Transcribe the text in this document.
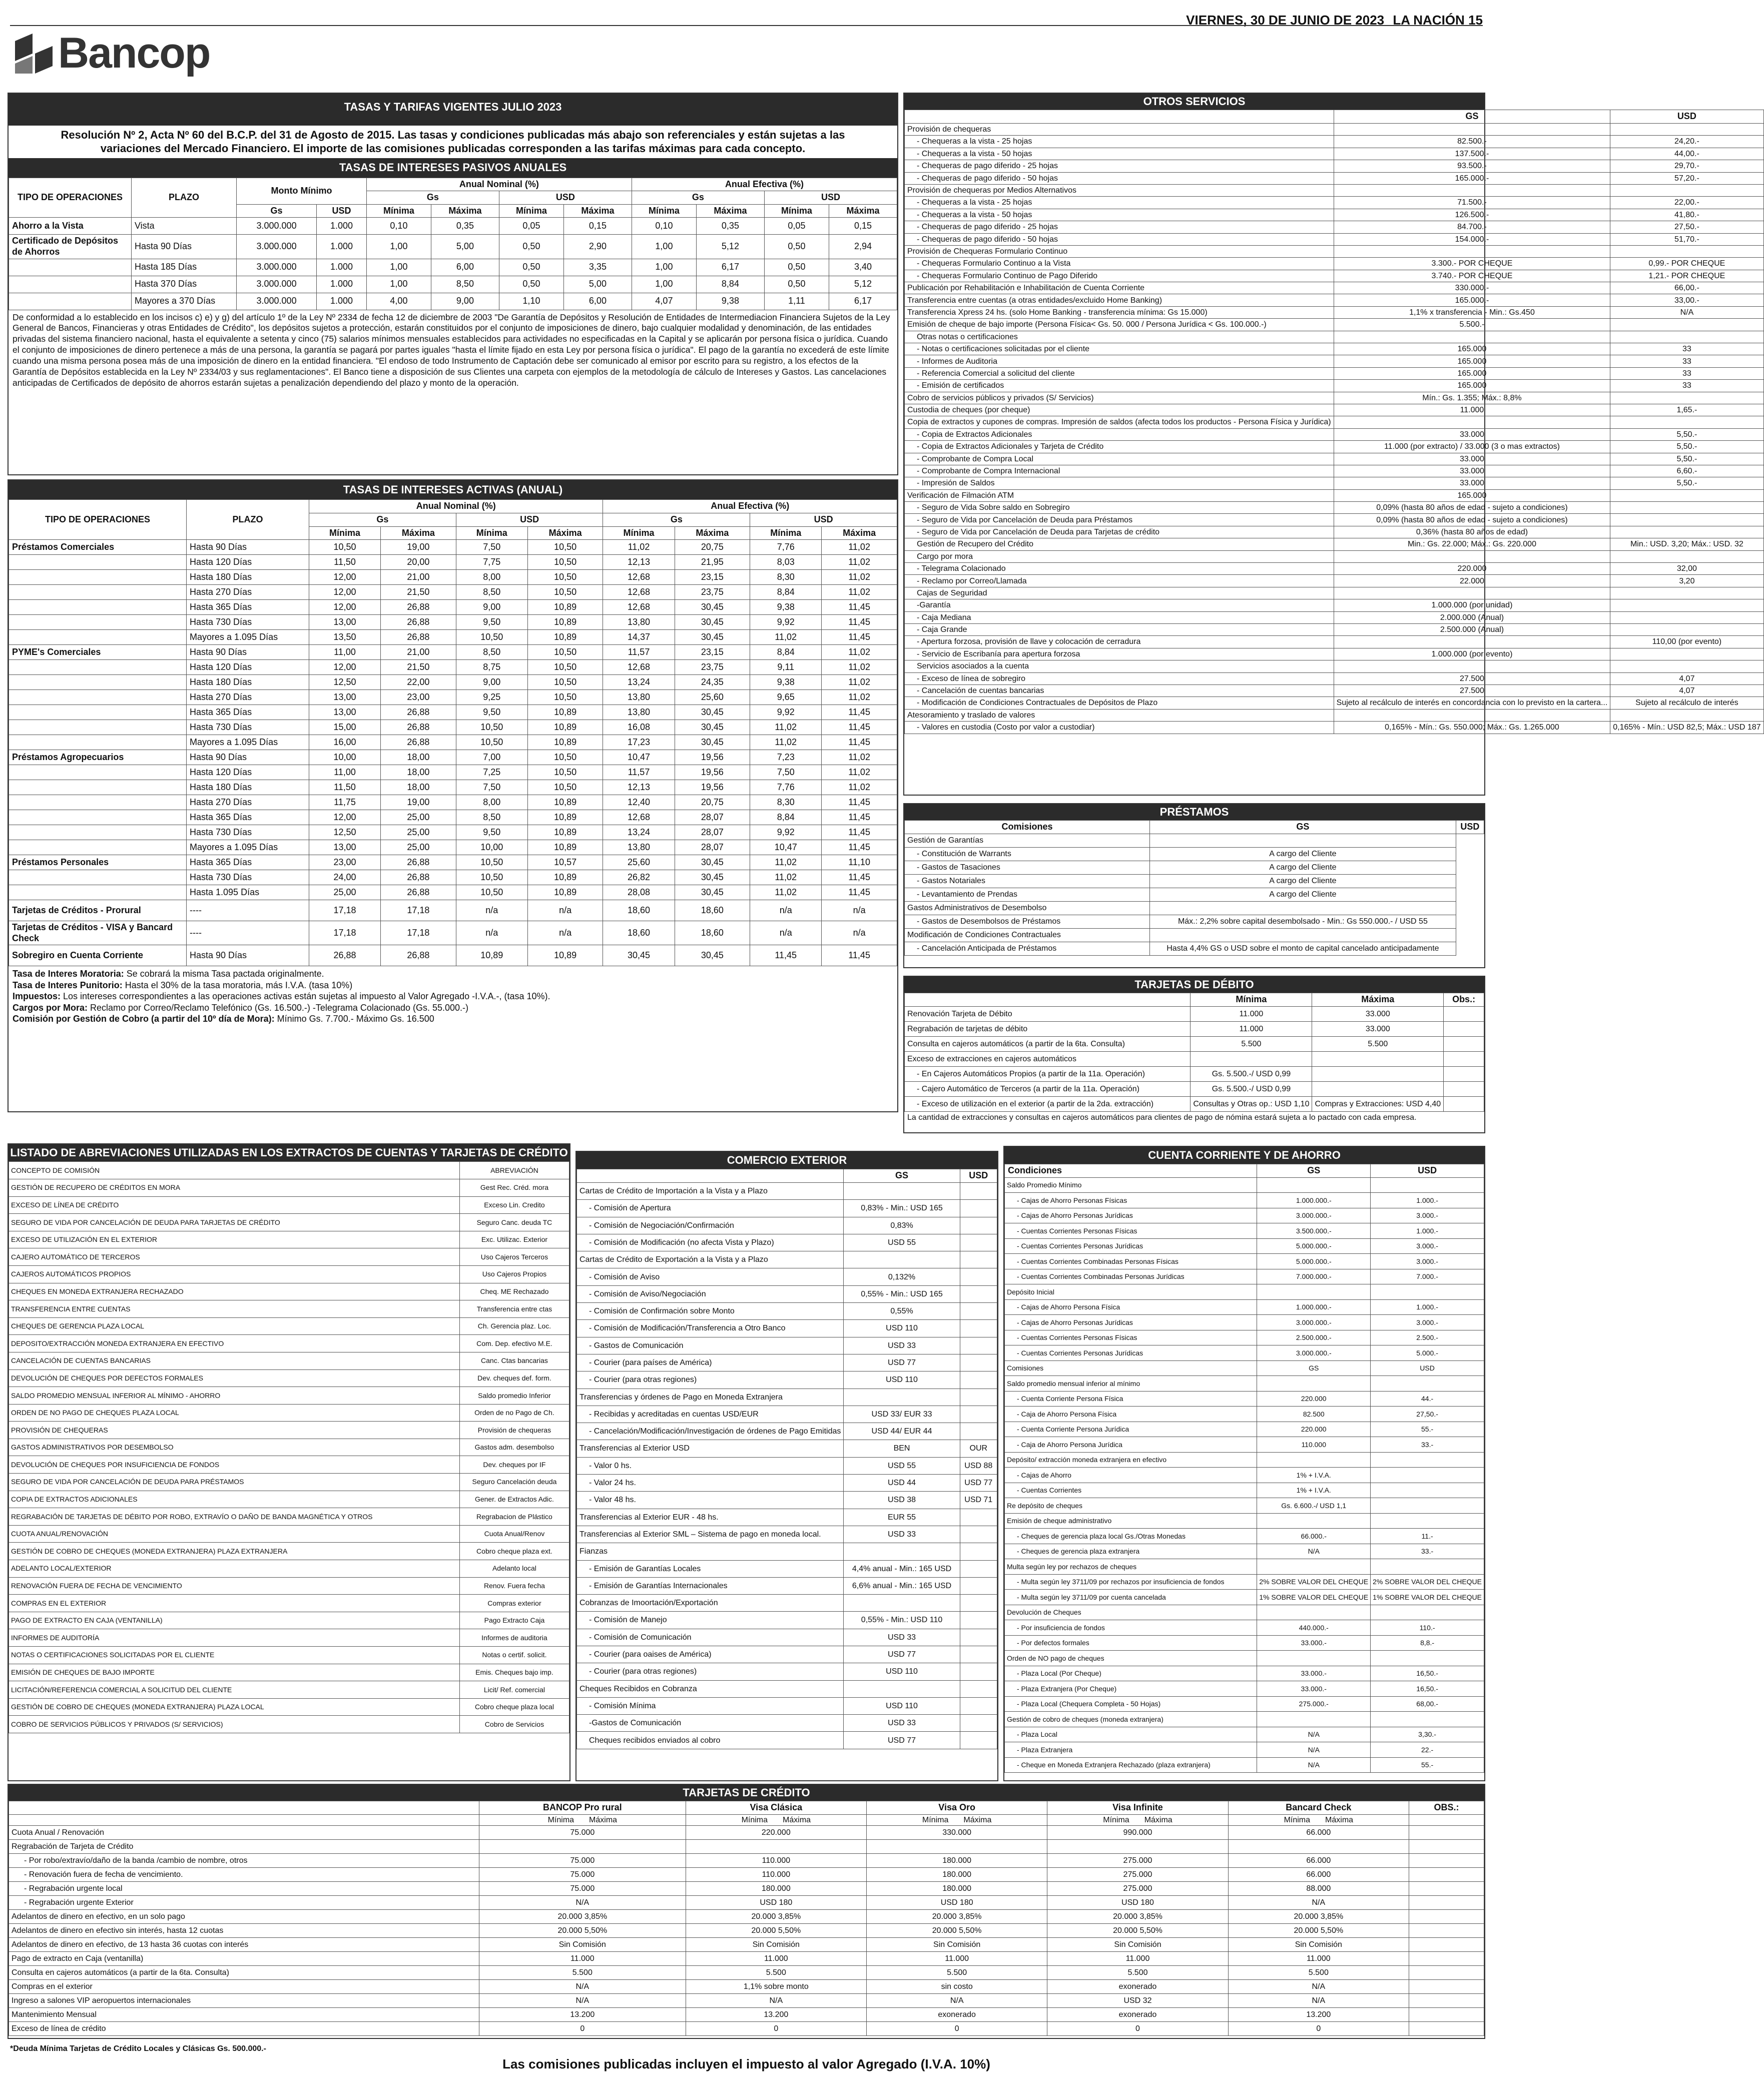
Bancop
VIERNES, 30 DE JUNIO DE 2023 LA NACIÓN 15
TASAS Y TARIFAS VIGENTES JULIO 2023
Resolución Nº 2, Acta Nº 60 del B.C.P. del 31 de Agosto de 2015. Las tasas y condiciones publicadas más abajo son referenciales y están sujetas a las variaciones del Mercado Financiero. El importe de las comisiones publicadas corresponden a las tarifas máximas para cada concepto.
TASAS DE INTERESES PASIVOS ANUALES
TIPO DE OPERACIONES	PLAZO	Monto Mínimo		Anual Nominal (%)				Anual Efectiva (%)			
				Gs		USD		Gs		USD	
		Gs	USD	Mínima	Máxima	Mínima	Máxima	Mínima	Máxima	Mínima	Máxima
Ahorro a la Vista	Vista	3.000.000	1.000	0,10	0,35	0,05	0,15	0,10	0,35	0,05	0,15
Certificado de Depósitos de Ahorros	Hasta 90 Días	3.000.000	1.000	1,00	5,00	0,50	2,90	1,00	5,12	0,50	2,94
	Hasta 185 Días	3.000.000	1.000	1,00	6,00	0,50	3,35	1,00	6,17	0,50	3,40
	Hasta 370 Días	3.000.000	1.000	1,00	8,50	0,50	5,00	1,00	8,84	0,50	5,12
	Mayores a 370 Días	3.000.000	1.000	4,00	9,00	1,10	6,00	4,07	9,38	1,11	6,17
De conformidad a lo establecido en los incisos c) e) y g) del artículo 1º de la Ley Nº 2334 de fecha 12 de diciembre de 2003 "De Garantía de Depósitos y Resolución de Entidades de Intermediacion Financiera Sujetos de la Ley General de Bancos, Financieras y otras Entidades de Crédito", los depósitos sujetos a protección, estarán constituidos por el conjunto de imposiciones de dinero, bajo cualquier modalidad y denominación, de las entidades privadas del sistema financiero nacional, hasta el equivalente a setenta y cinco (75) salarios mínimos mensuales establecidos para actividades no especificadas en la Capital y se aplicarán por persona física o jurídica. Cuando el conjunto de imposiciones de dinero pertenece a más de una persona, la garantía se pagará por partes iguales "hasta el límite fijado en esta Ley por persona física o jurídica". El pago de la garantía no excederá de este límite cuando una misma persona posea más de una imposición de dinero en la entidad financiera. "El endoso de todo Instrumento de Captación debe ser comunicado al emisor por escrito para su registro, a los efectos de la Garantía de Depósitos establecida en la Ley Nº 2334/03 y sus reglamentaciones". El Banco tiene a disposición de sus Clientes una carpeta con ejemplos de la metodología de cálculo de Intereses y Gastos. Las cancelaciones anticipadas de Certificados de depósito de ahorros estarán sujetas a penalización dependiendo del plazo y monto de la operación.
TASAS DE INTERESES ACTIVAS (ANUAL)
TIPO DE OPERACIONES	PLAZO	Anual Nominal (%)				Anual Efectiva (%)			
		Gs		USD		Gs		USD	
		Mínima	Máxima	Mínima	Máxima	Mínima	Máxima	Mínima	Máxima
Préstamos Comerciales	Hasta 90 Días	10,50	19,00	7,50	10,50	11,02	20,75	7,76	11,02
	Hasta 120 Días	11,50	20,00	7,75	10,50	12,13	21,95	8,03	11,02
	Hasta 180 Días	12,00	21,00	8,00	10,50	12,68	23,15	8,30	11,02
	Hasta 270 Días	12,00	21,50	8,50	10,50	12,68	23,75	8,84	11,02
	Hasta 365 Días	12,00	26,88	9,00	10,89	12,68	30,45	9,38	11,45
	Hasta 730 Días	13,00	26,88	9,50	10,89	13,80	30,45	9,92	11,45
	Mayores a 1.095 Días	13,50	26,88	10,50	10,89	14,37	30,45	11,02	11,45
PYME's Comerciales	Hasta 90 Días	11,00	21,00	8,50	10,50	11,57	23,15	8,84	11,02
	Hasta 120 Días	12,00	21,50	8,75	10,50	12,68	23,75	9,11	11,02
	Hasta 180 Días	12,50	22,00	9,00	10,50	13,24	24,35	9,38	11,02
	Hasta 270 Días	13,00	23,00	9,25	10,50	13,80	25,60	9,65	11,02
	Hasta 365 Días	13,00	26,88	9,50	10,89	13,80	30,45	9,92	11,45
	Hasta 730 Días	15,00	26,88	10,50	10,89	16,08	30,45	11,02	11,45
	Mayores a 1.095 Días	16,00	26,88	10,50	10,89	17,23	30,45	11,02	11,45
Préstamos Agropecuarios	Hasta 90 Días	10,00	18,00	7,00	10,50	10,47	19,56	7,23	11,02
	Hasta 120 Días	11,00	18,00	7,25	10,50	11,57	19,56	7,50	11,02
	Hasta 180 Días	11,50	18,00	7,50	10,50	12,13	19,56	7,76	11,02
	Hasta 270 Días	11,75	19,00	8,00	10,89	12,40	20,75	8,30	11,45
	Hasta 365 Días	12,00	25,00	8,50	10,89	12,68	28,07	8,84	11,45
	Hasta 730 Días	12,50	25,00	9,50	10,89	13,24	28,07	9,92	11,45
	Mayores a 1.095 Días	13,00	25,00	10,00	10,89	13,80	28,07	10,47	11,45
Préstamos Personales	Hasta 365 Días	23,00	26,88	10,50	10,57	25,60	30,45	11,02	11,10
	Hasta 730 Días	24,00	26,88	10,50	10,89	26,82	30,45	11,02	11,45
	Hasta 1.095 Días	25,00	26,88	10,50	10,89	28,08	30,45	11,02	11,45
Tarjetas de Créditos - Prorural	----	17,18	17,18	n/a	n/a	18,60	18,60	n/a	n/a
Tarjetas de Créditos - VISA y Bancard Check	----	17,18	17,18	n/a	n/a	18,60	18,60	n/a	n/a
Sobregiro en Cuenta Corriente	Hasta 90 Días	26,88	26,88	10,89	10,89	30,45	30,45	11,45	11,45
Tasa de Interes Moratoria: Se cobrará la misma Tasa pactada originalmente.
Tasa de Interes Punitorio: Hasta el 30% de la tasa moratoria, más I.V.A. (tasa 10%)
Impuestos: Los intereses correspondientes a las operaciones activas están sujetas al impuesto al Valor Agregado -I.V.A.-, (tasa 10%).
Cargos por Mora: Reclamo por Correo/Reclamo Telefónico (Gs. 16.500.-) -Telegrama Colacionado (Gs. 55.000.-)
Comisión por Gestión de Cobro (a partir del 10º día de Mora): Mínimo Gs. 7.700.- Máximo Gs. 16.500
OTROS SERVICIOS
	GS	USD
Provisión de chequeras		
- Chequeras a la vista - 25 hojas	82.500.-	24,20.-
- Chequeras a la vista - 50 hojas	137.500.-	44,00.-
- Chequeras de pago diferido - 25 hojas	93.500.-	29,70.-
- Chequeras de pago diferido - 50 hojas	165.000.-	57,20.-
Provisión de chequeras por Medios Alternativos		
- Chequeras a la vista - 25 hojas	71.500.-	22,00.-
- Chequeras a la vista - 50 hojas	126.500.-	41,80.-
- Chequeras de pago diferido - 25 hojas	84.700.-	27,50.-
- Chequeras de pago diferido - 50 hojas	154.000.-	51,70.-
Provisión de Chequeras Formulario Continuo		
- Chequeras Formulario Continuo a la Vista	3.300.- POR CHEQUE	0,99.- POR CHEQUE
- Chequeras Formulario Continuo de Pago Diferido	3.740.- POR CHEQUE	1,21.- POR CHEQUE
Publicación por Rehabilitación e Inhabilitación de Cuenta Corriente	330.000.-	66,00.-
Transferencia entre cuentas (a otras entidades/excluido Home Banking)	165.000.-	33,00.-
Transferencia Xpress 24 hs. (solo Home Banking - transferencia mínima: Gs 15.000)	1,1% x transferencia - Min.: Gs.450	N/A
Emisión de cheque de bajo importe (Persona Física< Gs. 50. 000 / Persona Jurídica < Gs. 100.000.-)	5.500.-	
Otras notas o certificaciones		
- Notas o certificaciones solicitadas por el cliente	165.000	33
- Informes de Auditoria	165.000	33
- Referencia Comercial a solicitud del cliente	165.000	33
- Emisión de certificados	165.000	33
Cobro de servicios públicos y privados (S/ Servicios)	Mín.: Gs. 1.355; Máx.: 8,8%	
Custodia de cheques (por cheque)	11.000	1,65.-
Copia de extractos y cupones de compras. Impresión de saldos (afecta todos los productos - Persona Física y Jurídica)		
- Copia de Extractos Adicionales	33.000	5,50.-
- Copia de Extractos Adicionales y Tarjeta de Crédito	11.000 (por extracto) / 33.000 (3 o mas extractos)	5,50.-
- Comprobante de Compra Local	33.000	5,50.-
- Comprobante de Compra Internacional	33.000	6,60.-
- Impresión de Saldos	33.000	5,50.-
Verificación de Filmación ATM	165.000	
- Seguro de Vida Sobre saldo en Sobregiro	0,09% (hasta 80 años de edad - sujeto a condiciones)	
- Seguro de Vida por Cancelación de Deuda para Préstamos	0,09% (hasta 80 años de edad - sujeto a condiciones)	
- Seguro de Vida por Cancelación de Deuda para Tarjetas de crédito	0,36% (hasta 80 años de edad)	
Gestión de Recupero del Crédito	Min.: Gs. 22.000; Máx.: Gs. 220.000	Min.: USD. 3,20; Máx.: USD. 32
Cargo por mora		
- Telegrama Colacionado	220.000	32,00
- Reclamo por Correo/Llamada	22.000	3,20
Cajas de Seguridad		
-Garantía	1.000.000 (por unidad)	
- Caja Mediana	2.000.000 (Anual)	
- Caja Grande	2.500.000 (Anual)	
- Apertura forzosa, provisión de llave y colocación de cerradura		110,00 (por evento)
- Servicio de Escribanía para apertura forzosa	1.000.000 (por evento)	
Servicios asociados a la cuenta		
- Exceso de línea de sobregiro	27.500	4,07
- Cancelación de cuentas bancarias	27.500	4,07
- Modificación de Condiciones Contractuales de Depósitos de Plazo	Sujeto al recálculo de interés en concordancia con lo previsto en la cartera...	Sujeto al recálculo de interés
Atesoramiento y traslado de valores		
- Valores en custodia (Costo por valor a custodiar)	0,165% - Mín.: Gs. 550.000; Máx.: Gs. 1.265.000	0,165% - Mín.: USD 82,5; Máx.: USD 187
PRÉSTAMOS
Comisiones	GS	USD
Gestión de Garantías		
- Constitución de Warrants	A cargo del Cliente	
- Gastos de Tasaciones	A cargo del Cliente	
- Gastos Notariales	A cargo del Cliente	
- Levantamiento de Prendas	A cargo del Cliente	
Gastos Administrativos de Desembolso		
- Gastos de Desembolsos de Préstamos	Máx.: 2,2% sobre capital desembolsado - Min.: Gs 550.000.- / USD 55	
Modificación de Condiciones Contractuales		
- Cancelación Anticipada de Préstamos	Hasta 4,4% GS o USD sobre el monto de capital cancelado anticipadamente	
TARJETAS DE DÉBITO
	Mínima	Máxima	Obs.:
Renovación Tarjeta de Débito	11.000	33.000	
Regrabación de tarjetas de débito	11.000	33.000	
Consulta en cajeros automáticos (a partir de la 6ta. Consulta)	5.500	5.500	
Exceso de extracciones en cajeros automáticos			
- En Cajeros Automáticos Propios (a partir de la 11a. Operación)	Gs. 5.500.-/ USD 0,99		
- Cajero Automático de Terceros (a partir de la 11a. Operación)	Gs. 5.500.-/ USD 0,99		
- Exceso de utilización en el exterior (a partir de la 2da. extracción)	Consultas y Otras op.: USD 1,10	Compras y Extracciones: USD 4,40	
La cantidad de extracciones y consultas en cajeros automáticos para clientes de pago de nómina estará sujeta a lo pactado con cada empresa.
LISTADO DE ABREVIACIONES UTILIZADAS EN LOS EXTRACTOS DE CUENTAS Y TARJETAS DE CRÉDITO
CONCEPTO DE COMISIÓN	ABREVIACIÓN
GESTIÓN DE RECUPERO DE CRÉDITOS EN MORA	Gest Rec. Créd. mora
EXCESO DE LÍNEA DE CRÉDITO	Exceso Lin. Credito
SEGURO DE VIDA POR CANCELACIÓN DE DEUDA PARA TARJETAS DE CRÉDITO	Seguro Canc. deuda TC
EXCESO DE UTILIZACIÓN EN EL EXTERIOR	Exc. Utilizac. Exterior
CAJERO AUTOMÁTICO DE TERCEROS	Uso Cajeros Terceros
CAJEROS AUTOMÁTICOS PROPIOS	Uso Cajeros Propios
CHEQUES EN MONEDA EXTRANJERA RECHAZADO	Cheq. ME Rechazado
TRANSFERENCIA ENTRE CUENTAS	Transferencia entre ctas
CHEQUES DE GERENCIA PLAZA LOCAL	Ch. Gerencia plaz. Loc.
DEPOSITO/EXTRACCIÓN MONEDA EXTRANJERA EN EFECTIVO	Com. Dep. efectivo M.E.
CANCELACIÓN DE CUENTAS BANCARIAS	Canc. Ctas bancarias
DEVOLUCIÓN DE CHEQUES POR DEFECTOS FORMALES	Dev. cheques def. form.
SALDO PROMEDIO MENSUAL INFERIOR AL MÍNIMO - AHORRO	Saldo promedio Inferior
ORDEN DE NO PAGO DE CHEQUES PLAZA LOCAL	Orden de no Pago de Ch.
PROVISIÓN DE CHEQUERAS	Provisión de chequeras
GASTOS ADMINISTRATIVOS POR DESEMBOLSO	Gastos adm. desembolso
DEVOLUCIÓN DE CHEQUES POR INSUFICIENCIA DE FONDOS	Dev. cheques por IF
SEGURO DE VIDA POR CANCELACIÓN DE DEUDA PARA PRÉSTAMOS	Seguro Cancelación deuda
COPIA DE EXTRACTOS ADICIONALES	Gener. de Extractos Adic.
REGRABACIÓN DE TARJETAS DE DÉBITO POR ROBO, EXTRAVÍO O DAÑO DE BANDA MAGNÉTICA Y OTROS	Regrabacion de Plástico
CUOTA ANUAL/RENOVACIÓN	Cuota Anual/Renov
GESTIÓN DE COBRO DE CHEQUES (MONEDA EXTRANJERA) PLAZA EXTRANJERA	Cobro cheque plaza ext.
ADELANTO LOCAL/EXTERIOR	Adelanto local
RENOVACIÓN FUERA DE FECHA DE VENCIMIENTO	Renov. Fuera fecha
COMPRAS EN EL EXTERIOR	Compras exterior
PAGO DE EXTRACTO EN CAJA (VENTANILLA)	Pago Extracto Caja
INFORMES DE AUDITORÍA	Informes de auditoria
NOTAS O CERTIFICACIONES SOLICITADAS POR EL CLIENTE	Notas o certif. solicit.
EMISIÓN DE CHEQUES DE BAJO IMPORTE	Emis. Cheques bajo imp.
LICITACIÓN/REFERENCIA COMERCIAL A SOLICITUD DEL CLIENTE	Licit/ Ref. comercial
GESTIÓN DE COBRO DE CHEQUES (MONEDA EXTRANJERA) PLAZA LOCAL	Cobro cheque plaza local
COBRO DE SERVICIOS PÚBLICOS Y PRIVADOS (S/ SERVICIOS)	Cobro de Servicios
COMERCIO EXTERIOR
	GS	USD
Cartas de Crédito de Importación a la Vista y a Plazo		
- Comisión de Apertura	0,83% - Min.: USD 165	
- Comisión de Negociación/Confirmación	0,83%	
- Comisión de Modificación (no afecta Vista y Plazo)	USD 55	
Cartas de Crédito de Exportación a la Vista y a Plazo		
- Comisión de Aviso	0,132%	
- Comisión de Aviso/Negociación	0,55% - Min.: USD 165	
- Comisión de Confirmación sobre Monto	0,55%	
- Comisión de Modificación/Transferencia a Otro Banco	USD 110	
- Gastos de Comunicación	USD 33	
- Courier (para países de América)	USD 77	
- Courier (para otras regiones)	USD 110	
Transferencias y órdenes de Pago en Moneda Extranjera		
- Recibidas y acreditadas en cuentas USD/EUR	USD 33/ EUR 33	
- Cancelación/Modificación/Investigación de órdenes de Pago Emitidas	USD 44/ EUR 44	
Transferencias al Exterior USD	BEN	OUR
- Valor 0 hs.	USD 55	USD 88
- Valor 24 hs.	USD 44	USD 77
- Valor 48 hs.	USD 38	USD 71
Transferencias al Exterior EUR - 48 hs.	EUR 55	
Transferencias al Exterior SML – Sistema de pago en moneda local.	USD 33	
Fianzas		
- Emisión de Garantías Locales	4,4% anual - Min.: 165 USD	
- Emisión de Garantías Internacionales	6,6% anual - Min.: 165 USD	
Cobranzas de Imoortación/Exportación		
- Comisión de Manejo	0,55% - Min.: USD 110	
- Comisión de Comunicación	USD 33	
- Courier (para oaises de América)	USD 77	
- Courier (para otras regiones)	USD 110	
Cheques Recibidos en Cobranza		
- Comisión Mínima	USD 110	
-Gastos de Comunicación	USD 33	
Cheques recibidos enviados al cobro	USD 77	
CUENTA CORRIENTE Y DE AHORRO
Condiciones	GS	USD
Saldo Promedio Mínimo		
- Cajas de Ahorro Personas Físicas	1.000.000.-	1.000.-
- Cajas de Ahorro Personas Jurídicas	3.000.000.-	3.000.-
- Cuentas Corrientes Personas Físicas	3.500.000.-	1.000.-
- Cuentas Corrientes Personas Jurídicas	5.000.000.-	3.000.-
- Cuentas Corrientes Combinadas Personas Físicas	5.000.000.-	3.000.-
- Cuentas Corrientes Combinadas Personas Jurídicas	7.000.000.-	7.000.-
Depósito Inicial		
- Cajas de Ahorro Persona Física	1.000.000.-	1.000.-
- Cajas de Ahorro Personas Jurídicas	3.000.000.-	3.000.-
- Cuentas Corrientes Personas Físicas	2.500.000.-	2.500.-
- Cuentas Corrientes Personas Jurídicas	3.000.000.-	5.000.-
Comisiones	GS	USD
Saldo promedio mensual inferior al mínimo		
- Cuenta Corriente Persona Física	220.000	44.-
- Caja de Ahorro Persona Física	82.500	27,50.-
- Cuenta Corriente Persona Jurídica	220.000	55.-
- Caja de Ahorro Persona Jurídica	110.000	33.-
Depósito/ extracción moneda extranjera en efectivo		
- Cajas de Ahorro	1% + I.V.A.	
- Cuentas Corrientes	1% + I.V.A.	
Re depósito de cheques	Gs. 6.600.-/ USD 1,1	
Emisión de cheque administrativo		
- Cheques de gerencia plaza local Gs./Otras Monedas	66.000.-	11.-
- Cheques de gerencia plaza extranjera	N/A	33.-
Multa según ley por rechazos de cheques		
- Multa según ley 3711/09 por rechazos por insuficiencia de fondos	2% SOBRE VALOR DEL CHEQUE	2% SOBRE VALOR DEL CHEQUE
- Multa según ley 3711/09 por cuenta cancelada	1% SOBRE VALOR DEL CHEQUE	1% SOBRE VALOR DEL CHEQUE
Devolución de Cheques		
- Por insuficiencia de fondos	440.000.-	110.-
- Por defectos formales	33.000.-	8,8.-
Orden de NO pago de cheques		
- Plaza Local (Por Cheque)	33.000.-	16,50.-
- Plaza Extranjera (Por Cheque)	33.000.-	16,50.-
- Plaza Local (Chequera Completa - 50 Hojas)	275.000.-	68,00.-
Gestión de cobro de cheques (moneda extranjera)		
- Plaza Local	N/A	3,30.-
- Plaza Extranjera	N/A	22.-
- Cheque en Moneda Extranjera Rechazado (plaza extranjera)	N/A	55.-
TARJETAS DE CRÉDITO
	BANCOP Pro rural	Visa Clásica	Visa Oro	Visa Infinite	Bancard Check	OBS.:
	Mínima Máxima	Mínima Máxima	Mínima Máxima	Mínima Máxima	Mínima Máxima	
Cuota Anual / Renovación	75.000	220.000	330.000	990.000	66.000	
Regrabación de Tarjeta de Crédito						
- Por robo/extravío/daño de la banda /cambio de nombre, otros	75.000	110.000	180.000	275.000	66.000	
- Renovación fuera de fecha de vencimiento.	75.000	110.000	180.000	275.000	66.000	
- Regrabación urgente local	75.000	180.000	180.000	275.000	88.000	
- Regrabación urgente Exterior	N/A	USD 180	USD 180	USD 180	N/A	
Adelantos de dinero en efectivo, en un solo pago	20.000 3,85%	20.000 3,85%	20.000 3,85%	20.000 3,85%	20.000 3,85%	
Adelantos de dinero en efectivo sin interés, hasta 12 cuotas	20.000 5,50%	20.000 5,50%	20.000 5,50%	20.000 5,50%	20.000 5,50%	
Adelantos de dinero en efectivo, de 13 hasta 36 cuotas con interés	Sin Comisión	Sin Comisión	Sin Comisión	Sin Comisión	Sin Comisión	
Pago de extracto en Caja (ventanilla)	11.000	11.000	11.000	11.000	11.000	
Consulta en cajeros automáticos (a partir de la 6ta. Consulta)	5.500	5.500	5.500	5.500	5.500	
Compras en el exterior	N/A	1,1% sobre monto	sin costo	exonerado	N/A	
Ingreso a salones VIP aeropuertos internacionales	N/A	N/A	N/A	USD 32	N/A	
Mantenimiento Mensual	13.200	13.200	exonerado	exonerado	13.200	
Exceso de línea de crédito	0	0	0	0	0	
*Deuda Mínima Tarjetas de Crédito Locales y Clásicas Gs. 500.000.-
Las comisiones publicadas incluyen el impuesto al valor Agregado (I.V.A. 10%)
